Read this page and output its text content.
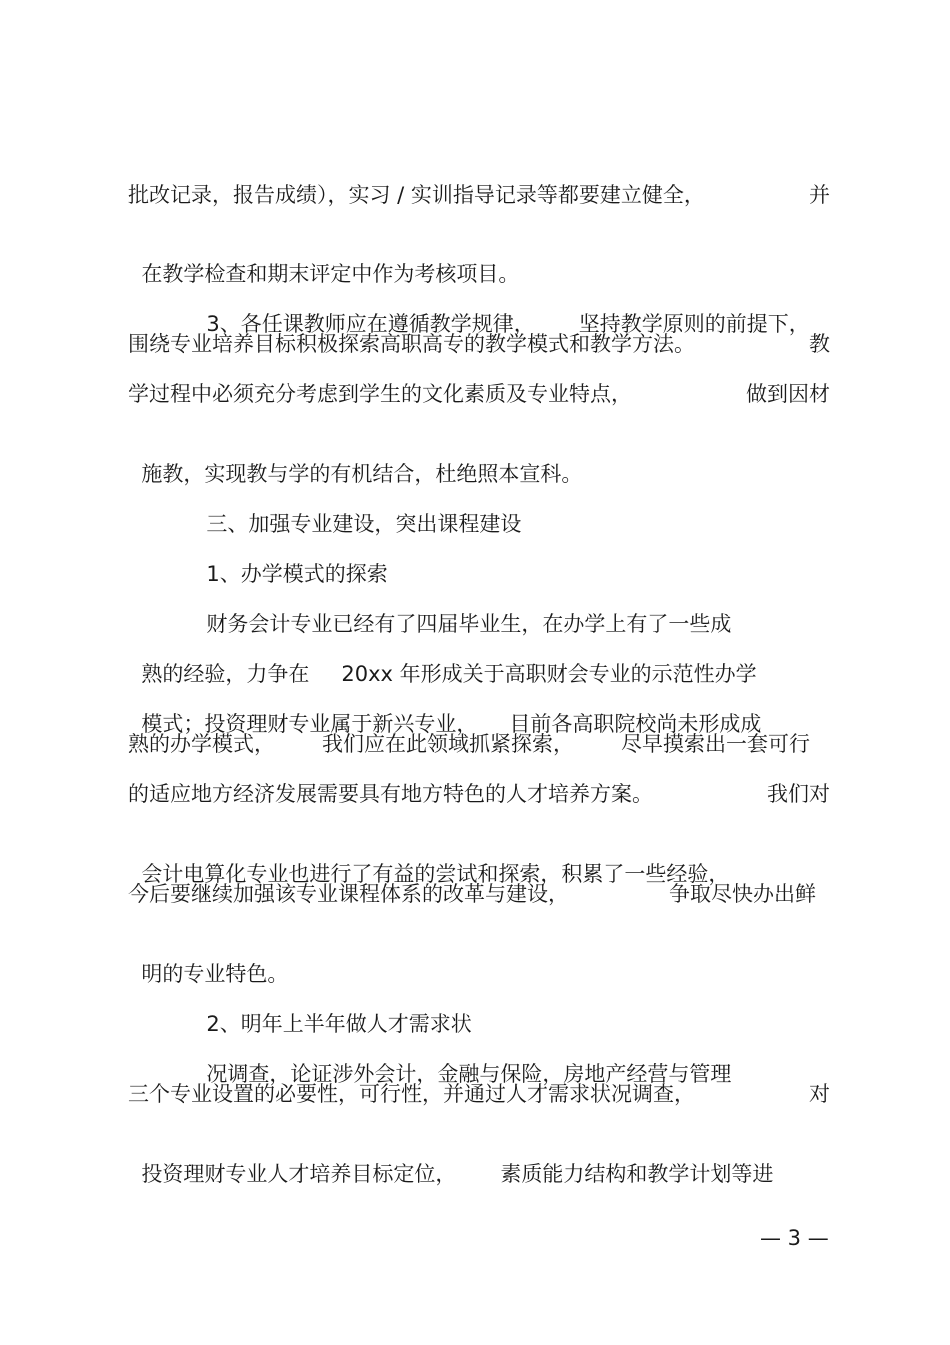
批改记录，报告成绩），实习 / 实训指导记录等都要建立健全，	并

在教学检查和期末评定中作为考核项目。

3、各任课教师应在遵循教学规律， 坚持教学原则的前提下，

围绕专业培养目标积极探索高职高专的教学模式和教学方法。	教
学过程中必须充分考虑到学生的文化素质及专业特点，	做到因材

施教，实现教与学的有机结合，杜绝照本宣科。

三、加强专业建设，突出课程建设

1、办学模式的探索

财务会计专业已经有了四届毕业生，在办学上有了一些成

熟的经验，力争在 20xx 年形成关于高职财会专业的示范性办学

模式；投资理财专业属于新兴专业， 目前各高职院校尚未形成成

熟的办学模式， 我们应在此领域抓紧探索， 尽早摸索出一套可行
的适应地方经济发展需要具有地方特色的人才培养方案。	我们对

会计电算化专业也进行了有益的尝试和探索，积累了一些经验，

今后要继续加强该专业课程体系的改革与建设，	争取尽快办出鲜

明的专业特色。

2、明年上半年做人才需求状

况调查，论证涉外会计，金融与保险，房地产经营与管理

三个专业设置的必要性，可行性，并通过人才需求状况调查，	对

投资理财专业人才培养目标定位， 素质能力结构和教学计划等进

— 3 —
